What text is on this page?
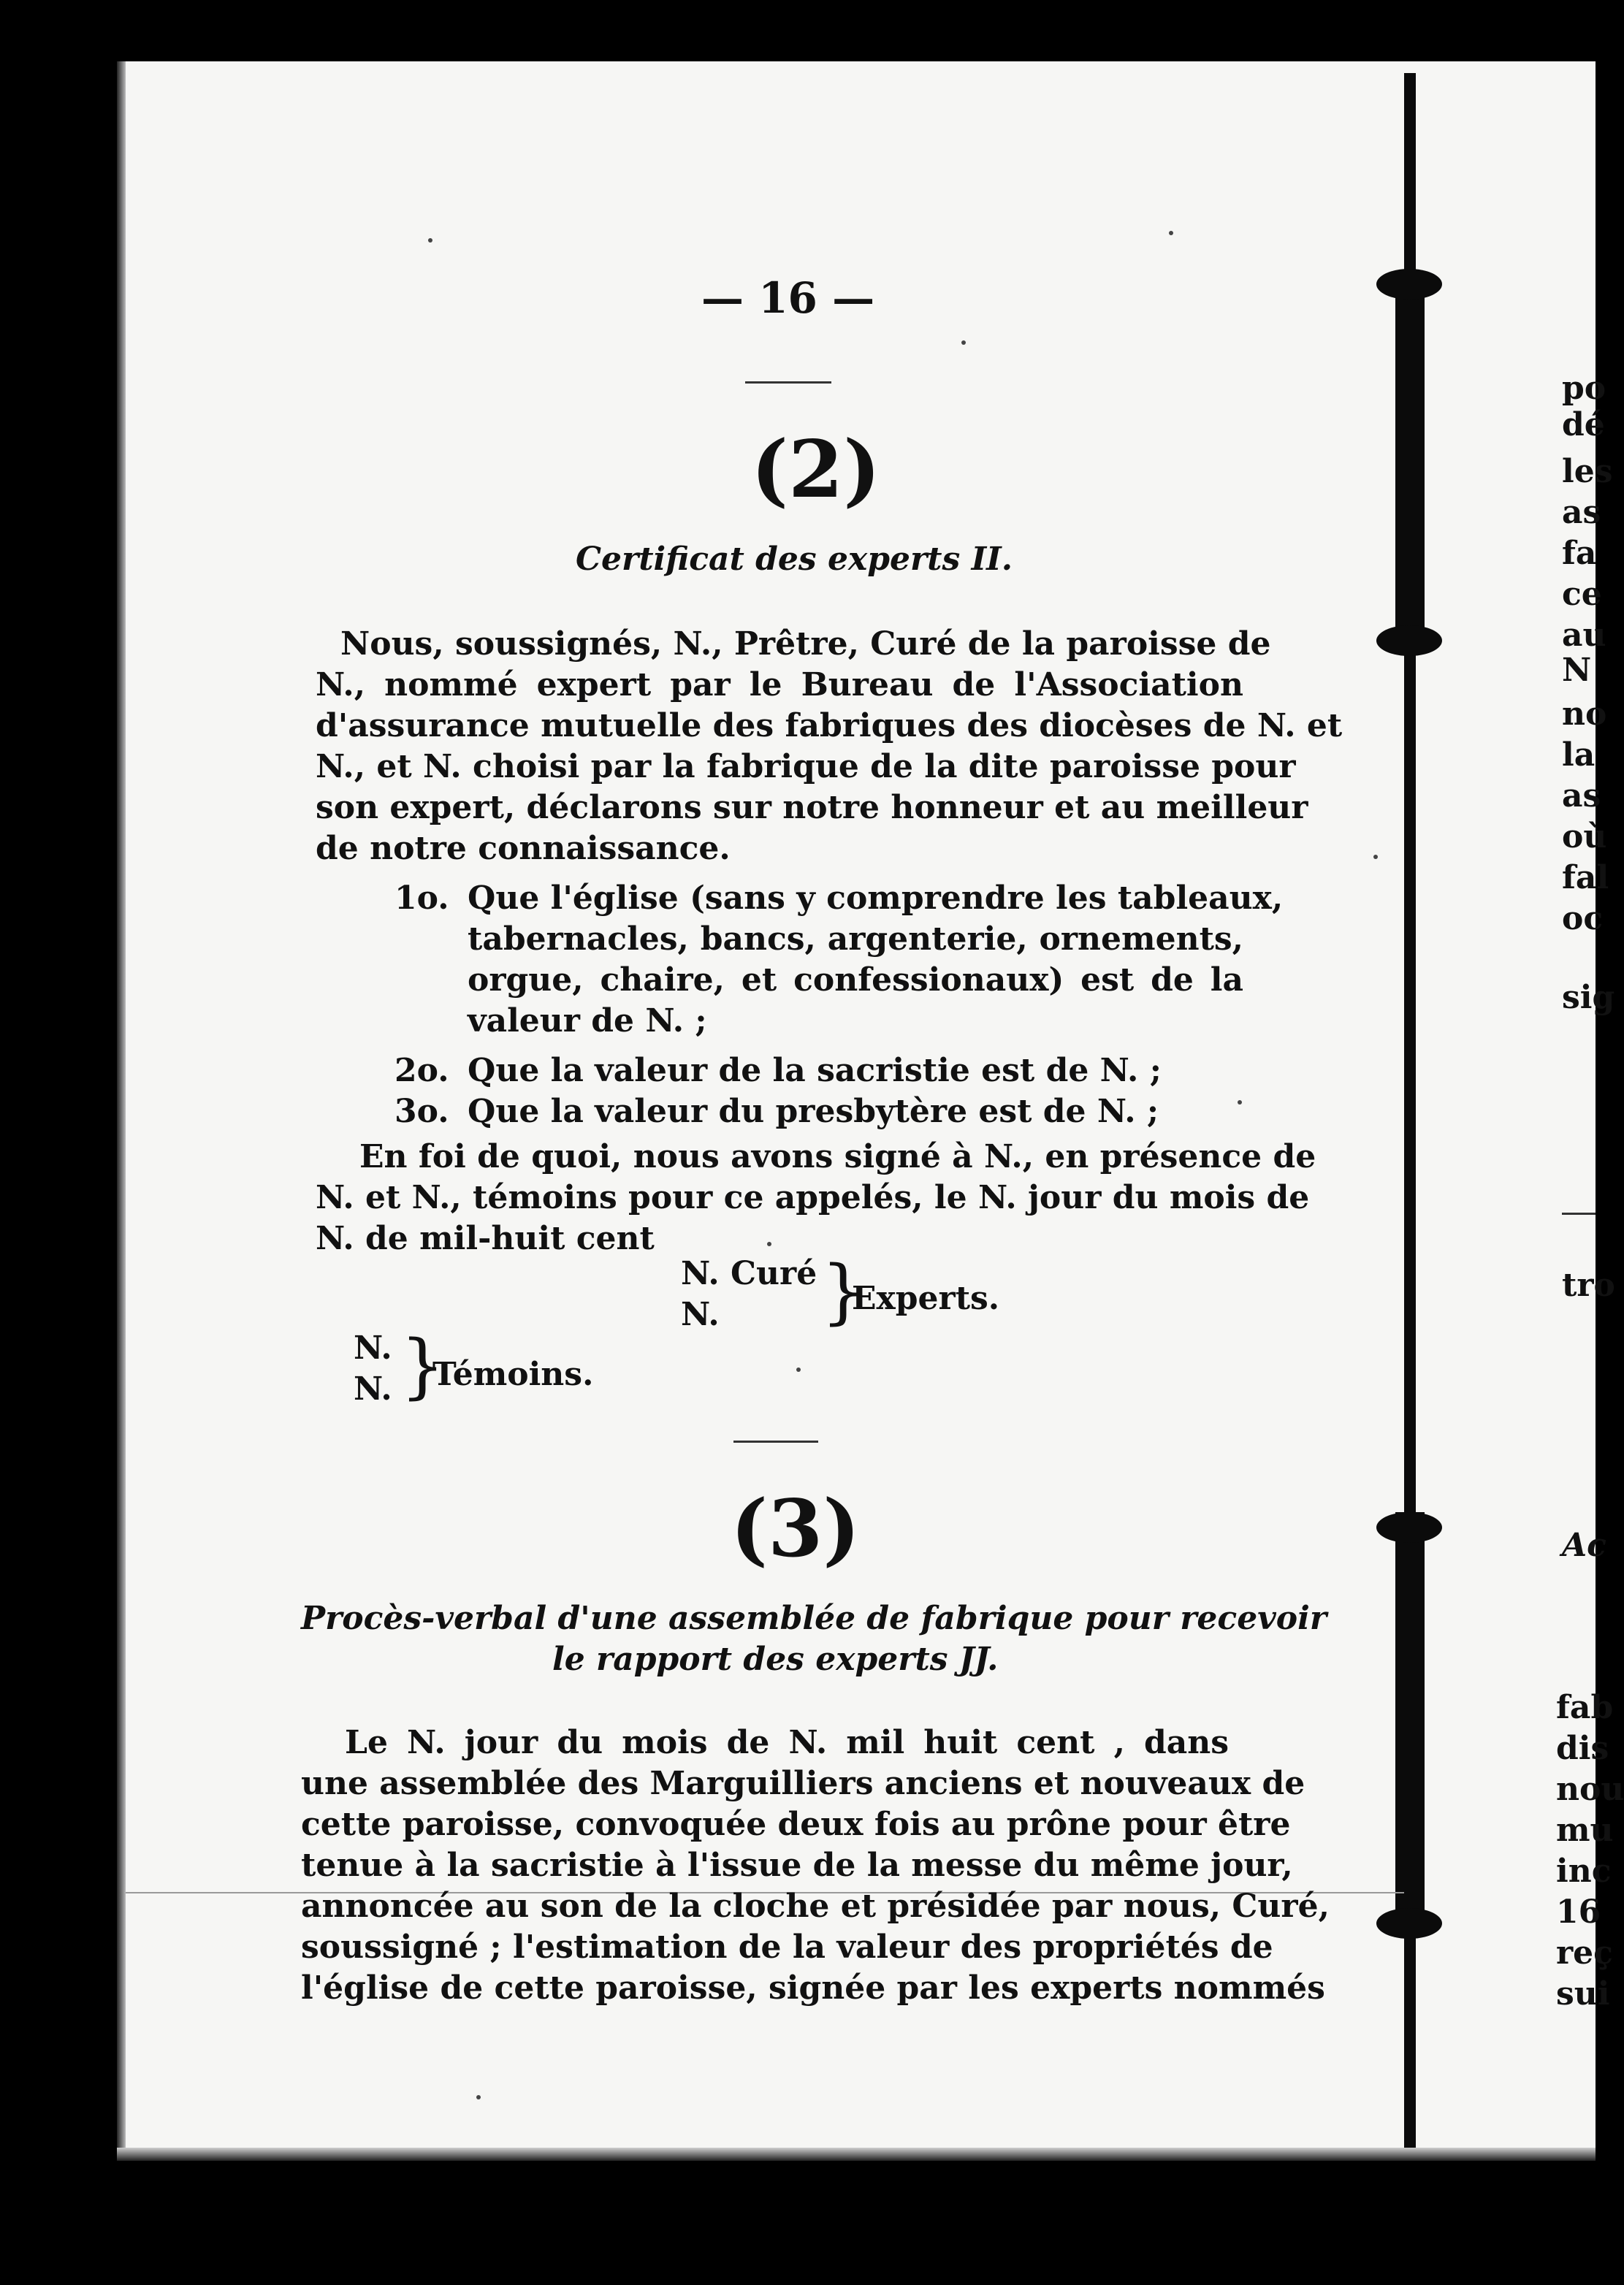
— 16 —
(2)
Certificat des experts II.
Nous, soussignés, N., Prêtre, Curé de la paroisse de
N., nommé expert par le Bureau de l'Association
d'assurance mutuelle des fabriques des diocèses de N. et
N., et N. choisi par la fabrique de la dite paroisse pour
son expert, déclarons sur notre honneur et au meilleur
de notre connaissance.
1o. Que l'église (sans y comprendre les tableaux,
tabernacles, bancs, argenterie, ornements,
orgue, chaire, et confessionaux) est de la
valeur de N. ;
2o. Que la valeur de la sacristie est de N. ;
3o. Que la valeur du presbytère est de N. ;
En foi de quoi, nous avons signé à N., en présence de
N. et N., témoins pour ce appelés, le N. jour du mois de
N. de mil-huit cent
N. Curé
N. }
Experts.
N.
N. }
Témoins.
(3)
Procès-verbal d'une assemblée de fabrique pour recevoir
le rapport des experts JJ.
Le N. jour du mois de N. mil huit cent , dans
une assemblée des Marguilliers anciens et nouveaux de
cette paroisse, convoquée deux fois au prône pour être
tenue à la sacristie à l'issue de la messe du même jour,
annoncée au son de la cloche et présidée par nous, Curé,
soussigné ; l'estimation de la valeur des propriétés de
l'église de cette paroisse, signée par les experts nommés
po
dé
les
as
fa
ce
au
N
no
la
as
où
fal
oc
sig
tro
Ac
fab
dis
nou
mu
inc
16
reç
sui
